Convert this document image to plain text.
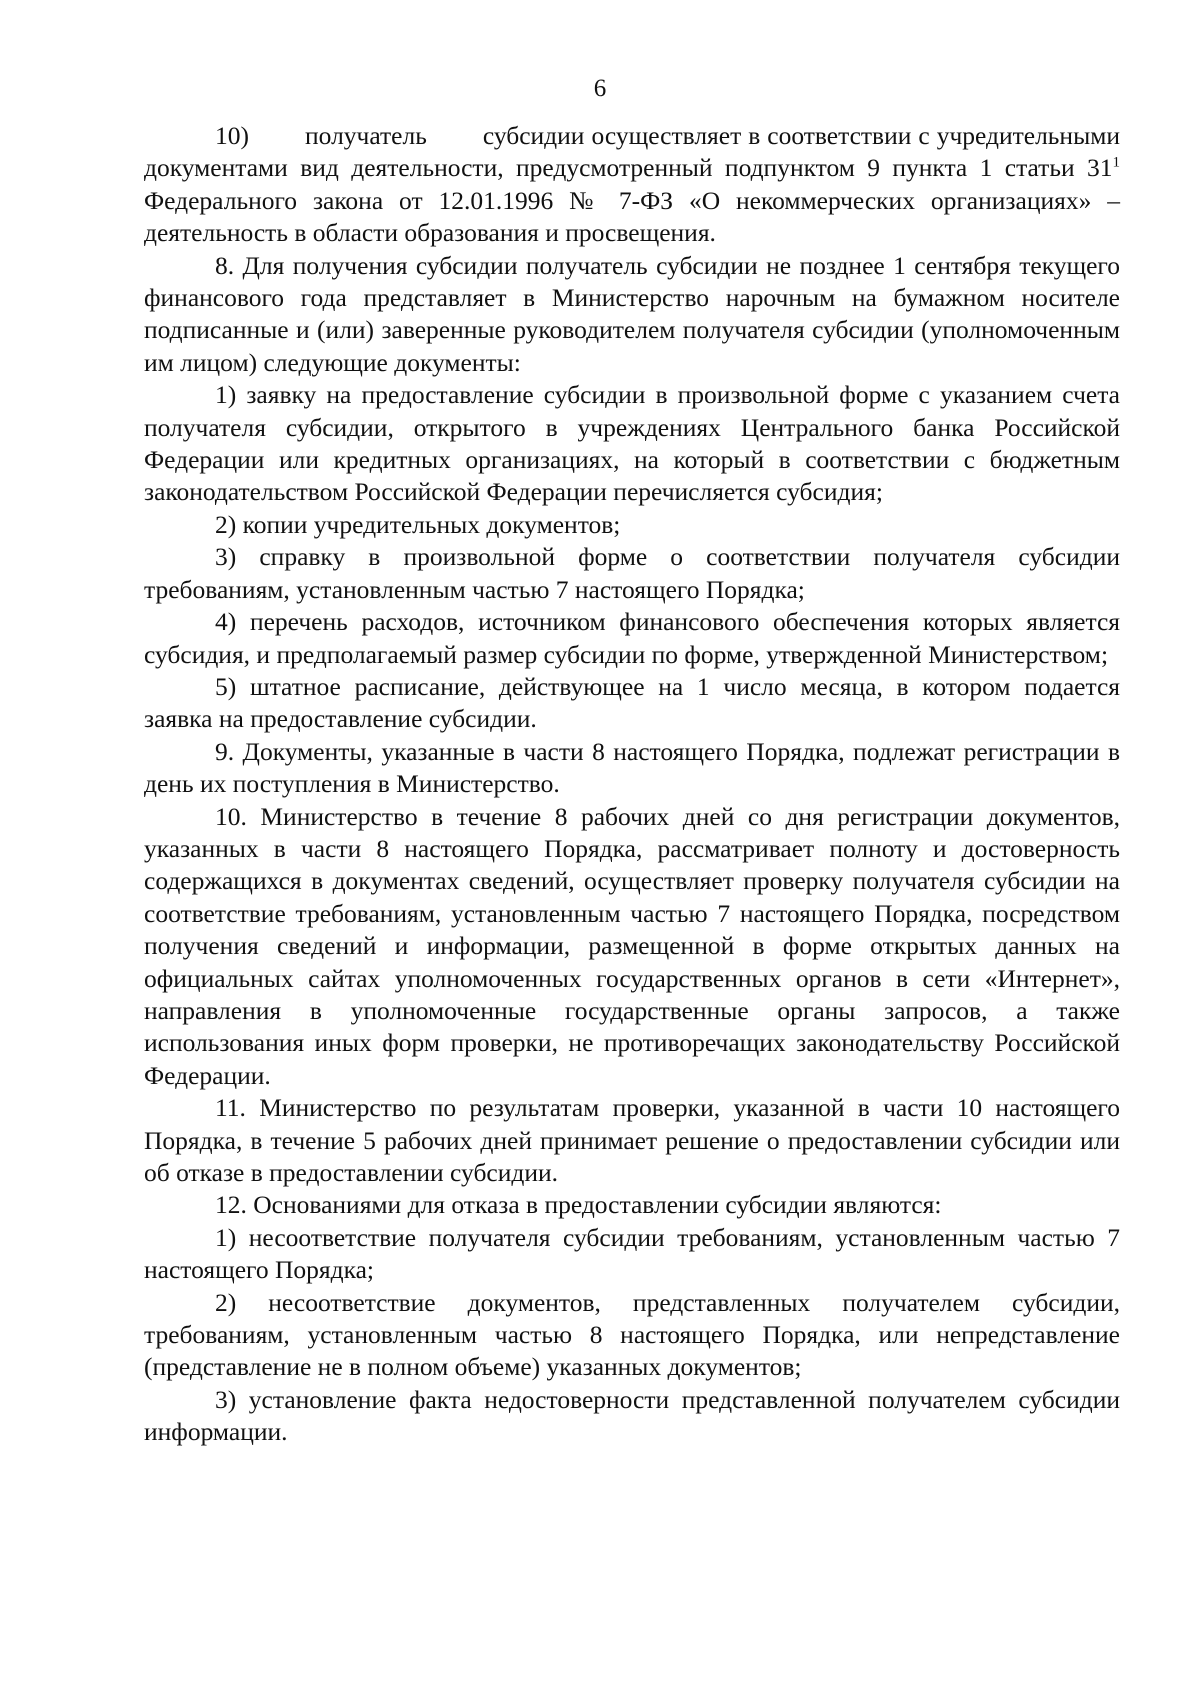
6

10)        получатель        субсидии осуществляет в соответствии с учредительными документами вид деятельности, предусмотренный подпунктом 9 пункта 1 статьи $31^1$ Федерального закона от 12.01.1996 № 7-ФЗ «О некоммерческих организациях» – деятельность в области образования и просвещения.

8. Для получения субсидии получатель субсидии не позднее 1 сентября текущего финансового года представляет в Министерство нарочным на бумажном носителе подписанные и (или) заверенные руководителем получателя субсидии (уполномоченным им лицом) следующие документы:

1) заявку на предоставление субсидии в произвольной форме с указанием счета получателя субсидии, открытого в учреждениях Центрального банка Российской Федерации или кредитных организациях, на который в соответствии с бюджетным законодательством Российской Федерации перечисляется субсидия;

2) копии учредительных документов;

3) справку в произвольной форме о соответствии получателя субсидии требованиям, установленным частью 7 настоящего Порядка;

4) перечень расходов, источником финансового обеспечения которых является субсидия, и предполагаемый размер субсидии по форме, утвержденной Министерством;

5) штатное расписание, действующее на 1 число месяца, в котором подается заявка на предоставление субсидии.

9. Документы, указанные в части 8 настоящего Порядка, подлежат регистрации в день их поступления в Министерство.

10. Министерство в течение 8 рабочих дней со дня регистрации документов, указанных в части 8 настоящего Порядка, рассматривает полноту и достоверность содержащихся в документах сведений, осуществляет проверку получателя субсидии на соответствие требованиям, установленным частью 7 настоящего Порядка, посредством получения сведений и информации, размещенной в форме открытых данных на официальных сайтах уполномоченных государственных органов в сети «Интернет», направления в уполномоченные государственные органы запросов, а также использования иных форм проверки, не противоречащих законодательству Российской Федерации.

11. Министерство по результатам проверки, указанной в части 10 настоящего Порядка, в течение 5 рабочих дней принимает решение о предоставлении субсидии или об отказе в предоставлении субсидии.

12. Основаниями для отказа в предоставлении субсидии являются:

1) несоответствие получателя субсидии требованиям, установленным частью 7 настоящего Порядка;

2) несоответствие документов, представленных получателем субсидии, требованиям, установленным частью 8 настоящего Порядка, или непредставление (представление не в полном объеме) указанных документов;

3) установление факта недостоверности представленной получателем субсидии информации.
